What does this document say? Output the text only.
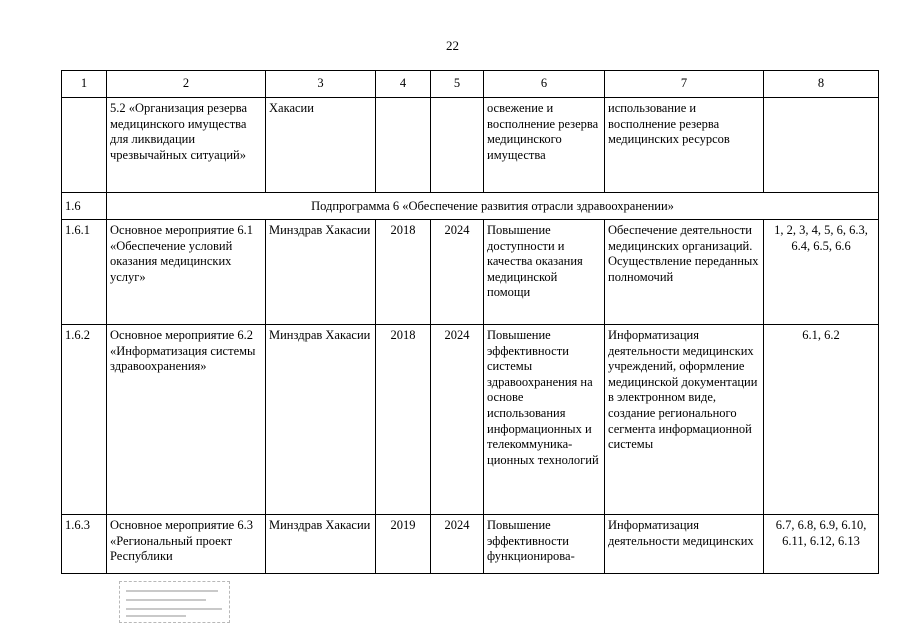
22
1	2	3	4	5	6	7	8
	5.2 «Организация резерва медицинского имущества для ликвидации чрезвычайных ситуаций»	Хакасии			освежение и восполнение резерва медицинского имущества	использование и восполнение резерва медицинских ресурсов	
1.6	Подпрограмма 6 «Обеспечение развития отрасли здравоохранении»						
1.6.1	Основное мероприятие 6.1 «Обеспечение условий оказания медицинских услуг»	Минздрав Хакасии	2018	2024	Повышение доступности и качества оказания медицинской помощи	Обеспечение деятельности медицинских организаций. Осуществление переданных полномочий	1, 2, 3, 4, 5, 6, 6.3, 6.4, 6.5, 6.6
1.6.2	Основное мероприятие 6.2 «Информатизация системы здравоохранения»	Минздрав Хакасии	2018	2024	Повышение эффективности системы здравоохранения на основе использования информационных и телекоммуникационных технологий	Информатизация деятельности медицинских учреждений, оформление медицинской документации в электронном виде, создание регионального сегмента информационной системы	6.1, 6.2
1.6.3	Основное мероприятие 6.3 «Региональный проект Республики	Минздрав Хакасии	2019	2024	Повышение эффективности функционирова-	Информатизация деятельности медицинских	6.7, 6.8, 6.9, 6.10, 6.11, 6.12, 6.13
